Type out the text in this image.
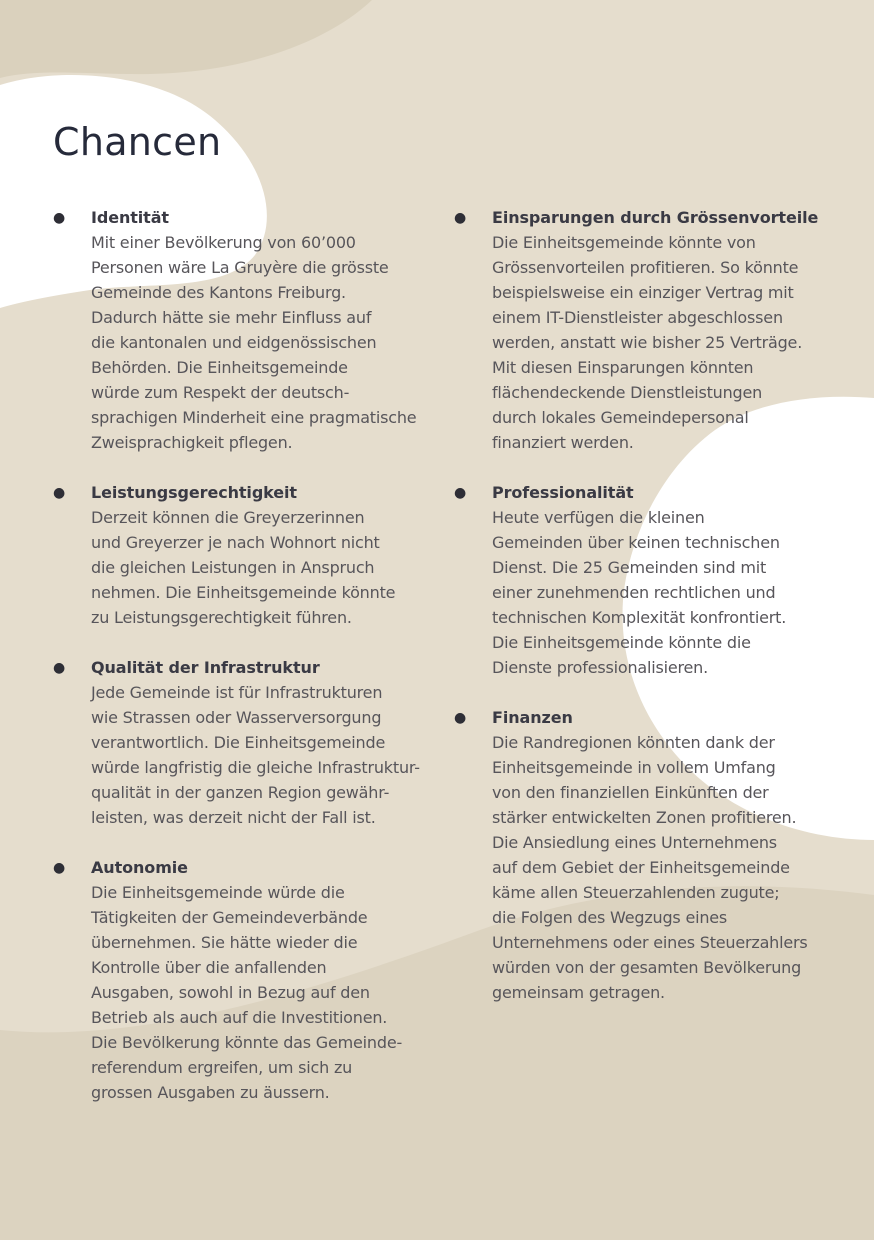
Chancen
● Identität

Mit einer Bevölkerung von 60’000
Personen wäre La Gruyère die grösste
Gemeinde des Kantons Freiburg.
Dadurch hätte sie mehr Einfluss auf
die kantonalen und eidgenössischen
Behörden. Die Einheitsgemeinde
würde zum Respekt der deutsch-
sprachigen Minderheit eine pragmatische
Zweisprachigkeit pflegen.

● Leistungsgerechtigkeit

Derzeit können die Greyerzerinnen
und Greyerzer je nach Wohnort nicht
die gleichen Leistungen in Anspruch
nehmen. Die Einheitsgemeinde könnte
zu Leistungsgerechtigkeit führen.

● Qualität der Infrastruktur

Jede Gemeinde ist für Infrastrukturen
wie Strassen oder Wasserversorgung
verantwortlich. Die Einheitsgemeinde
würde langfristig die gleiche Infrastruktur-
qualität in der ganzen Region gewähr-
leisten, was derzeit nicht der Fall ist.

● Autonomie

Die Einheitsgemeinde würde die
Tätigkeiten der Gemeindeverbände
übernehmen. Sie hätte wieder die
Kontrolle über die anfallenden
Ausgaben, sowohl in Bezug auf den
Betrieb als auch auf die Investitionen.
Die Bevölkerung könnte das Gemeinde-
referendum ergreifen, um sich zu
grossen Ausgaben zu äussern.

● Einsparungen durch Grössenvorteile

Die Einheitsgemeinde könnte von
Grössenvorteilen profitieren. So könnte
beispielsweise ein einziger Vertrag mit
einem IT-Dienstleister abgeschlossen
werden, anstatt wie bisher 25 Verträge.
Mit diesen Einsparungen könnten
flächendeckende Dienstleistungen
durch lokales Gemeindepersonal
finanziert werden.

● Professionalität

Heute verfügen die kleinen
Gemeinden über keinen technischen
Dienst. Die 25 Gemeinden sind mit
einer zunehmenden rechtlichen und
technischen Komplexität konfrontiert.
Die Einheitsgemeinde könnte die
Dienste professionalisieren.

● Finanzen

Die Randregionen könnten dank der
Einheitsgemeinde in vollem Umfang
von den finanziellen Einkünften der
stärker entwickelten Zonen profitieren.
Die Ansiedlung eines Unternehmens
auf dem Gebiet der Einheitsgemeinde
käme allen Steuerzahlenden zugute;
die Folgen des Wegzugs eines
Unternehmens oder eines Steuerzahlers
würden von der gesamten Bevölkerung
gemeinsam getragen.
